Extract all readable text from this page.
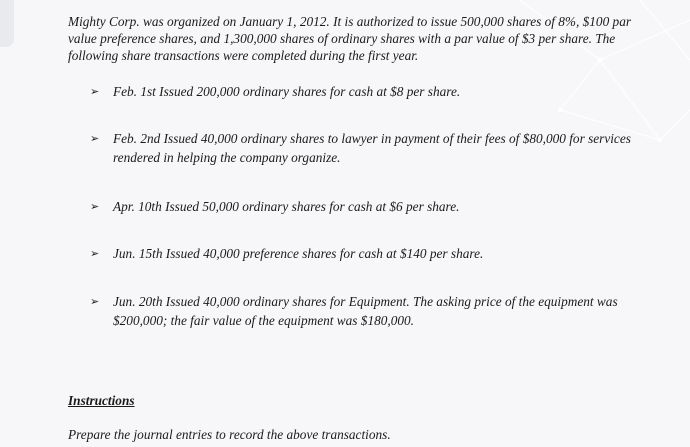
Mighty Corp. was organized on January 1, 2012. It is authorized to issue 500,000 shares of 8%, $100 par value preference shares, and 1,300,000 shares of ordinary shares with a par value of $3 per share. The following share transactions were completed during the first year.

➢ Feb. 1st Issued 200,000 ordinary shares for cash at $8 per share.
➢ Feb. 2nd Issued 40,000 ordinary shares to lawyer in payment of their fees of $80,000 for services rendered in helping the company organize.
➢ Apr. 10th Issued 50,000 ordinary shares for cash at $6 per share.
➢ Jun. 15th Issued 40,000 preference shares for cash at $140 per share.
➢ Jun. 20th Issued 40,000 ordinary shares for Equipment. The asking price of the equipment was $200,000; the fair value of the equipment was $180,000.
Instructions
Prepare the journal entries to record the above transactions.
